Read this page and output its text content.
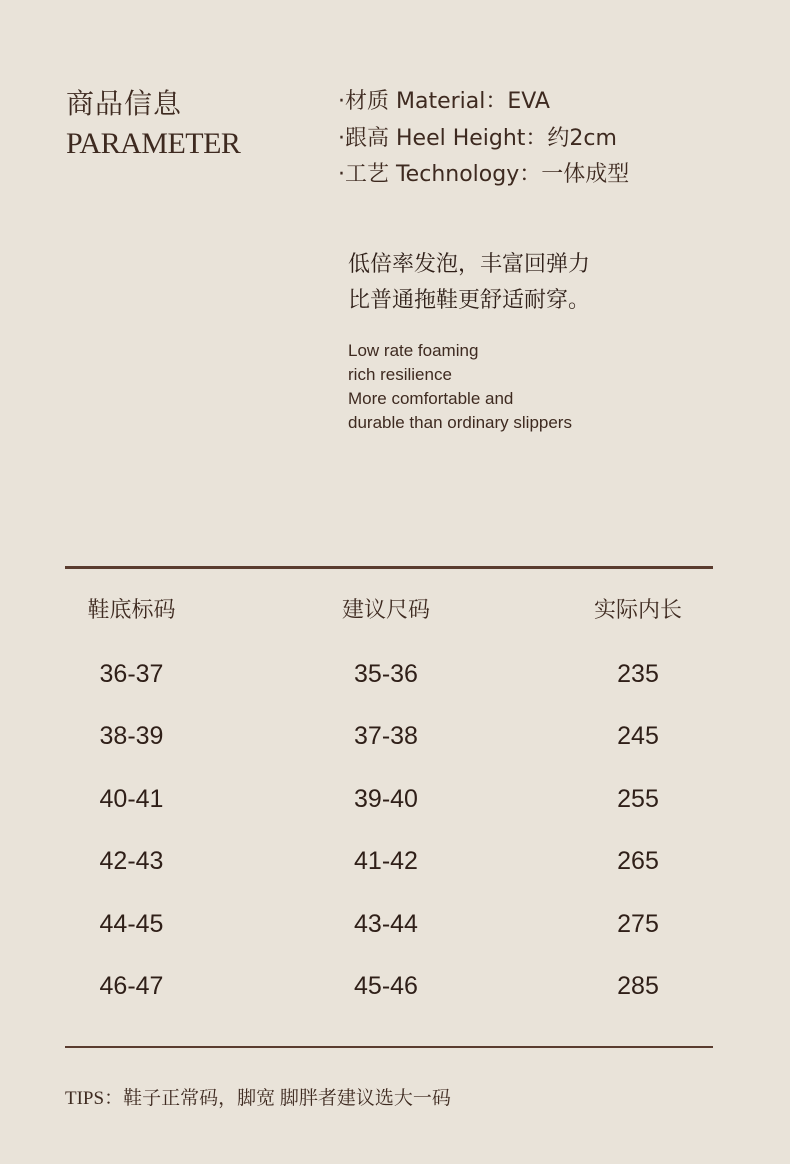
商品信息
PARAMETER
·材质 Material：EVA
·跟高 Heel Height：约2cm
·工艺 Technology：一体成型
低倍率发泡，丰富回弹力
比普通拖鞋更舒适耐穿。
Low rate foaming
rich resilience
More comfortable and
durable than ordinary slippers
鞋底标码	建议尺码	实际内长
36-37	35-36	235
38-39	37-38	245
40-41	39-40	255
42-43	41-42	265
44-45	43-44	275
46-47	45-46	285
TIPS：鞋子正常码，脚宽 脚胖者建议选大一码
